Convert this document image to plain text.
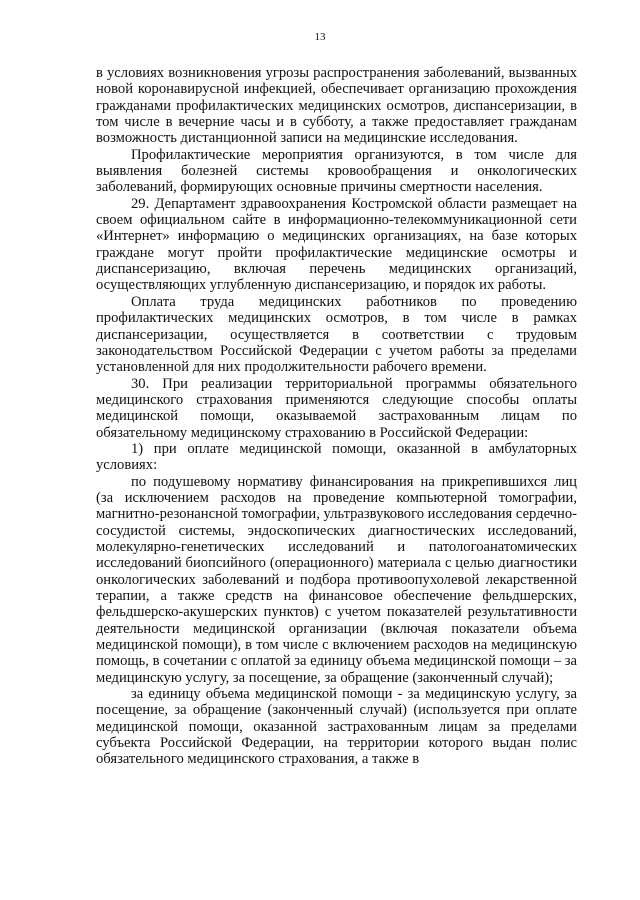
13

в условиях возникновения угрозы распространения заболеваний, вызванных новой коронавирусной инфекцией, обеспечивает организацию прохождения гражданами профилактических медицинских осмотров, диспансеризации, в том числе в вечерние часы и в субботу, а также предоставляет гражданам возможность дистанционной записи на медицинские исследования.

Профилактические мероприятия организуются, в том числе для выявления болезней системы кровообращения и онкологических заболеваний, формирующих основные причины смертности населения.

29. Департамент здравоохранения Костромской области размещает на своем официальном сайте в информационно-телекоммуникационной сети «Интернет» информацию о медицинских организациях, на базе которых граждане могут пройти профилактические медицинские осмотры и диспансеризацию, включая перечень медицинских организаций, осуществляющих углубленную диспансеризацию, и порядок их работы.

Оплата труда медицинских работников по проведению профилактических медицинских осмотров, в том числе в рамках диспансеризации, осуществляется в соответствии с трудовым законодательством Российской Федерации с учетом работы за пределами установленной для них продолжительности рабочего времени.

30. При реализации территориальной программы обязательного медицинского страхования применяются следующие способы оплаты медицинской помощи, оказываемой застрахованным лицам по обязательному медицинскому страхованию в Российской Федерации:

1) при оплате медицинской помощи, оказанной в амбулаторных условиях:

по подушевому нормативу финансирования на прикрепившихся лиц (за исключением расходов на проведение компьютерной томографии, магнитно-резонансной томографии, ультразвукового исследования сердечно-сосудистой системы, эндоскопических диагностических исследований, молекулярно-генетических исследований и патологоанатомических исследований биопсийного (операционного) материала с целью диагностики онкологических заболеваний и подбора противоопухолевой лекарственной терапии, а также средств на финансовое обеспечение фельдшерских, фельдшерско-акушерских пунктов) с учетом показателей результативности деятельности медицинской организации (включая показатели объема медицинской помощи), в том числе с включением расходов на медицинскую помощь, в сочетании с оплатой за единицу объема медицинской помощи – за медицинскую услугу, за посещение, за обращение (законченный случай);

за единицу объема медицинской помощи - за медицинскую услугу, за посещение, за обращение (законченный случай) (используется при оплате медицинской помощи, оказанной застрахованным лицам за пределами субъекта Российской Федерации, на территории которого выдан полис обязательного медицинского страхования, а также в
